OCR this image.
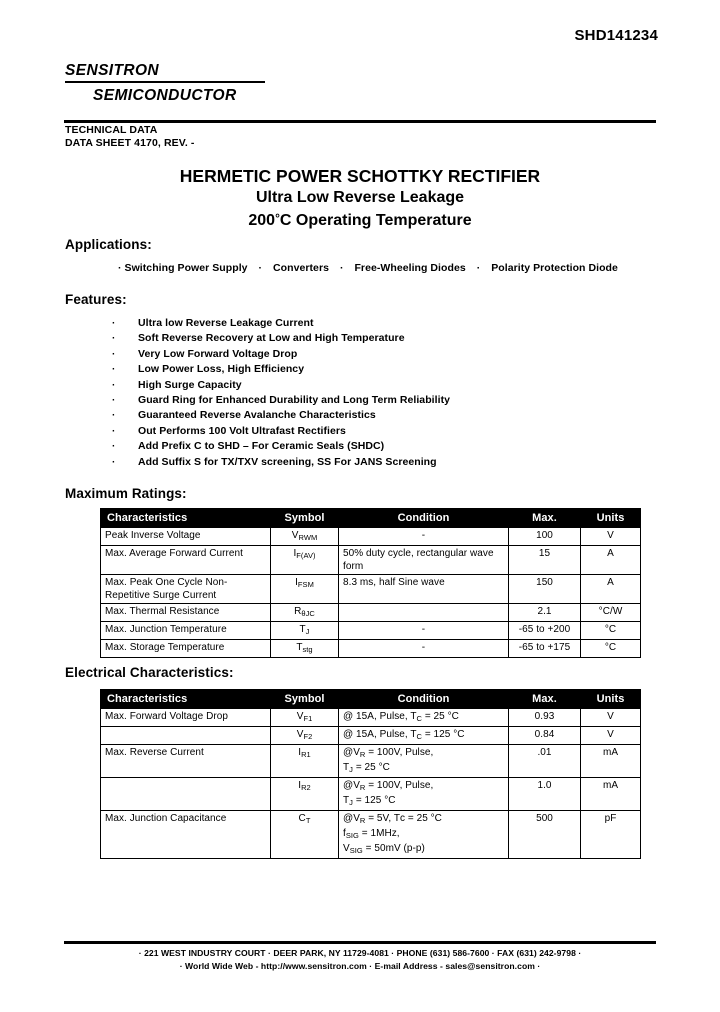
SHD141234
SENSITRON
SEMICONDUCTOR
TECHNICAL DATA
DATA SHEET 4170, REV. -
HERMETIC POWER SCHOTTKY RECTIFIER
Ultra Low Reverse Leakage
200°C Operating Temperature
Applications:
· Switching Power Supply · Converters · Free-Wheeling Diodes · Polarity Protection Diode
Features:
· Ultra low Reverse Leakage Current
· Soft Reverse Recovery at Low and High Temperature
· Very Low Forward Voltage Drop
· Low Power Loss, High Efficiency
· High Surge Capacity
· Guard Ring for Enhanced Durability and Long Term Reliability
· Guaranteed Reverse Avalanche Characteristics
· Out Performs 100 Volt Ultrafast Rectifiers
· Add Prefix C to SHD – For Ceramic Seals (SHDC)
· Add Suffix S for TX/TXV screening, SS For JANS Screening
Maximum Ratings:
Characteristics	Symbol	Condition	Max.	Units
Peak Inverse Voltage	$V_{RWM}$	-	100	V
Max. Average Forward Current	$I_{F(AV)}$	50% duty cycle, rectangular wave form	15	A
Max. Peak One Cycle Non-Repetitive Surge Current	$I_{FSM}$	8.3 ms, half Sine wave	150	A
Max. Thermal Resistance	$R_{\theta JC}$		2.1	°C/W
Max. Junction Temperature	$T_J$	-	-65 to +200	°C
Max. Storage Temperature	$T_{stg}$	-	-65 to +175	°C
Electrical Characteristics:
Characteristics	Symbol	Condition	Max.	Units
Max. Forward Voltage Drop	$V_{F1}$	@ 15A, Pulse, $T_C = 25$ °C	0.93	V
	$V_{F2}$	@ 15A, Pulse, $T_C = 125$ °C	0.84	V
Max. Reverse Current	$I_{R1}$	$@V_R = 100V$, Pulse,
$T_J = 25$ °C	.01	mA
	$I_{R2}$	$@V_R = 100V$, Pulse,
$T_J = 125$ °C	1.0	mA
Max. Junction Capacitance	$C_T$	$@V_R = 5V$, Tᴄ = 25 °C
$f_{SIG} = 1MHz$,
$V_{SIG} = 50mV$ (p-p)	500	pF
· 221 WEST INDUSTRY COURT · DEER PARK, NY 11729-4081 · PHONE (631) 586-7600 · FAX (631) 242-9798 ·
· World Wide Web - http://www.sensitron.com · E-mail Address - sales@sensitron.com ·
